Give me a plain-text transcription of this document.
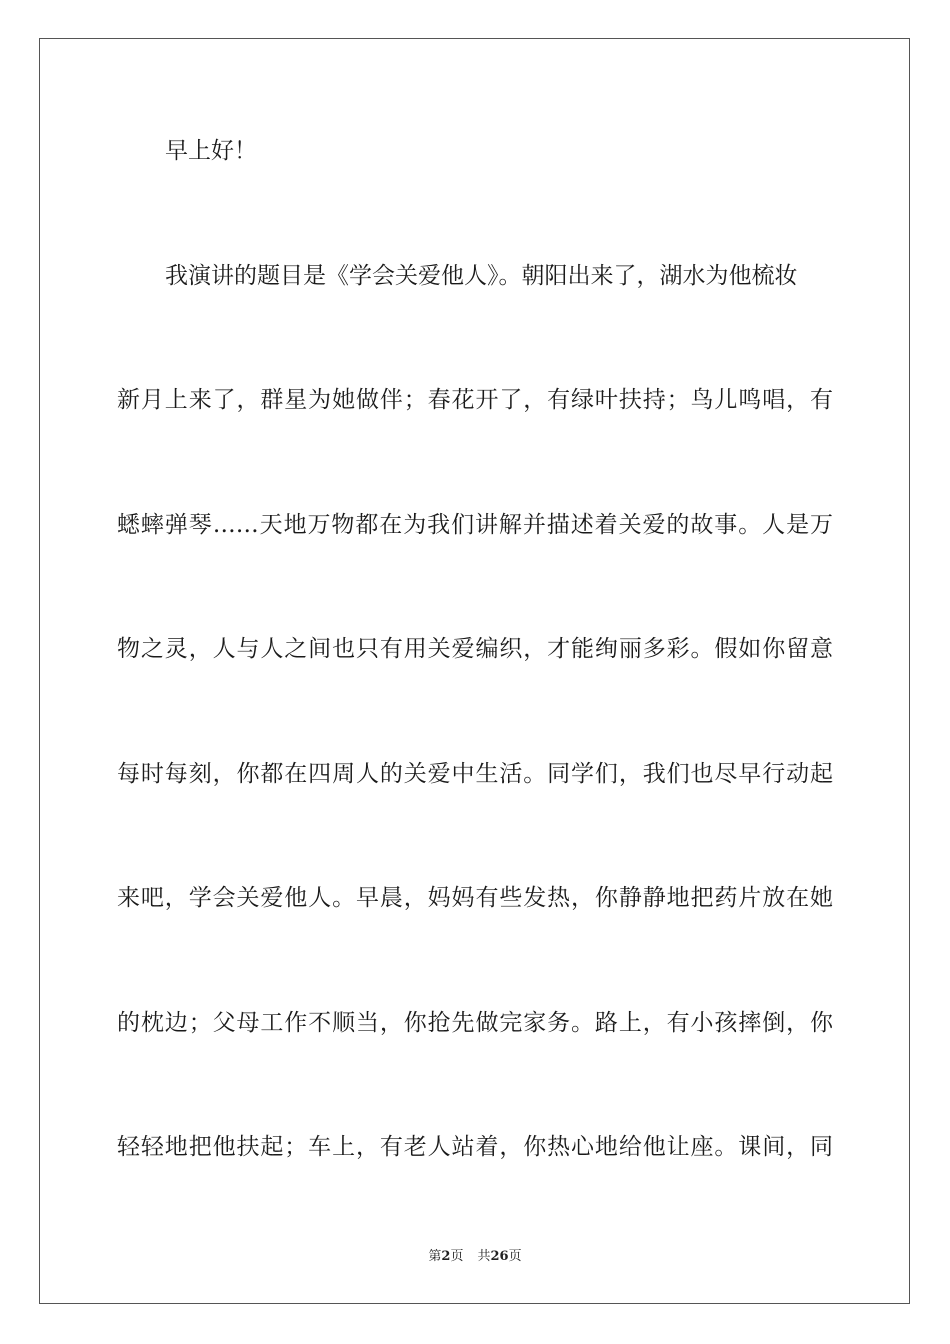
早上好！
我演讲的题目是《学会关爱他人》。朝阳出来了，湖水为他梳妆
新月上来了，群星为她做伴；春花开了，有绿叶扶持；鸟儿鸣唱，有
蟋蟀弹琴……天地万物都在为我们讲解并描述着关爱的故事。人是万
物之灵，人与人之间也只有用关爱编织，才能绚丽多彩。假如你留意
每时每刻，你都在四周人的关爱中生活。同学们，我们也尽早行动起
来吧，学会关爱他人。早晨，妈妈有些发热，你静静地把药片放在她
的枕边；父母工作不顺当，你抢先做完家务。路上，有小孩摔倒，你
轻轻地把他扶起；车上，有老人站着，你热心地给他让座。课间，同
第2页 共26页
